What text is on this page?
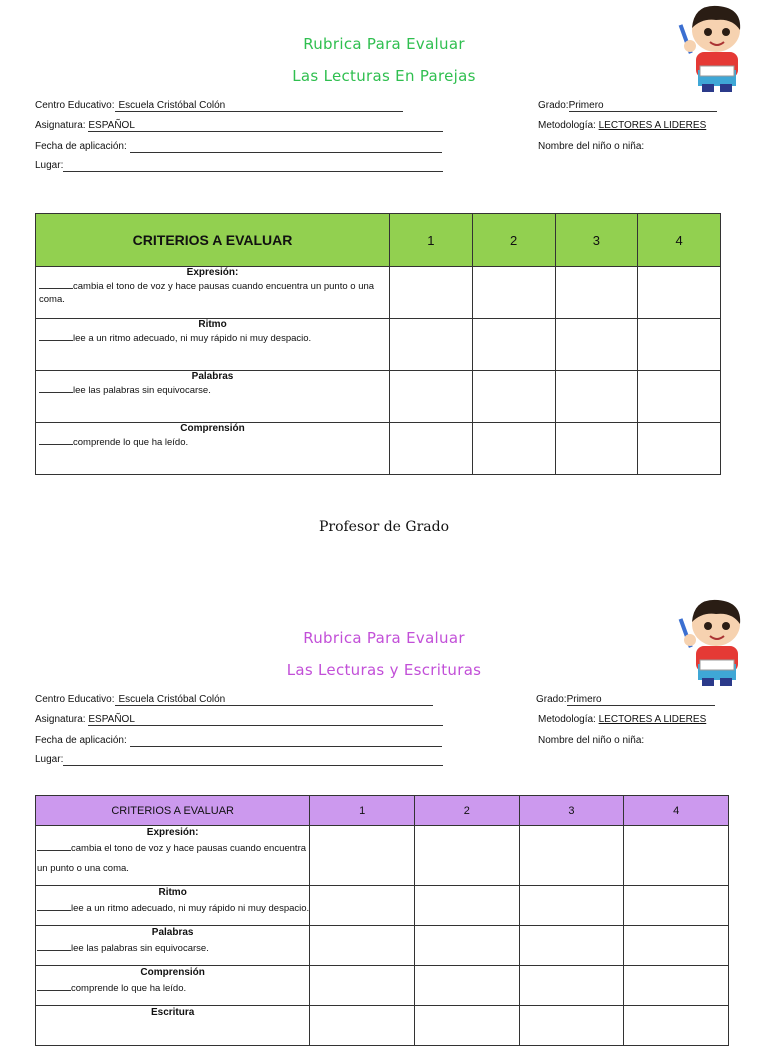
Rubrica Para Evaluar
Las Lecturas En Parejas
Centro Educativo: Escuela Cristóbal Colón
Asignatura: ESPAÑOL
Fecha de aplicación:
Lugar:
Grado:Primero
Metodología: LECTORES A LIDERES
Nombre del niño o niña:
CRITERIOS A EVALUAR	1	2	3	4

Expresión:
cambia el tono de voz y hace pausas cuando encuentra un punto o una coma.				

Ritmo
lee a un ritmo adecuado, ni muy rápido ni muy despacio.				

Palabras
lee las palabras sin equivocarse.				

Comprensión
comprende lo que ha leído.				

Profesor de Grado
Rubrica Para Evaluar
Las Lecturas y Escrituras
Centro Educativo: Escuela Cristóbal Colón
Asignatura: ESPAÑOL
Fecha de aplicación:
Lugar:
Grado:Primero
Metodología: LECTORES A LIDERES
Nombre del niño o niña:
CRITERIOS A EVALUAR	1	2	3	4

Expresión:
cambia el tono de voz y hace pausas cuando encuentra
un punto o una coma.				

Ritmo
lee a un ritmo adecuado, ni muy rápido ni muy despacio.				

Palabras
lee las palabras sin equivocarse.				

Comprensión
comprende lo que ha leído.				

Escritura				
